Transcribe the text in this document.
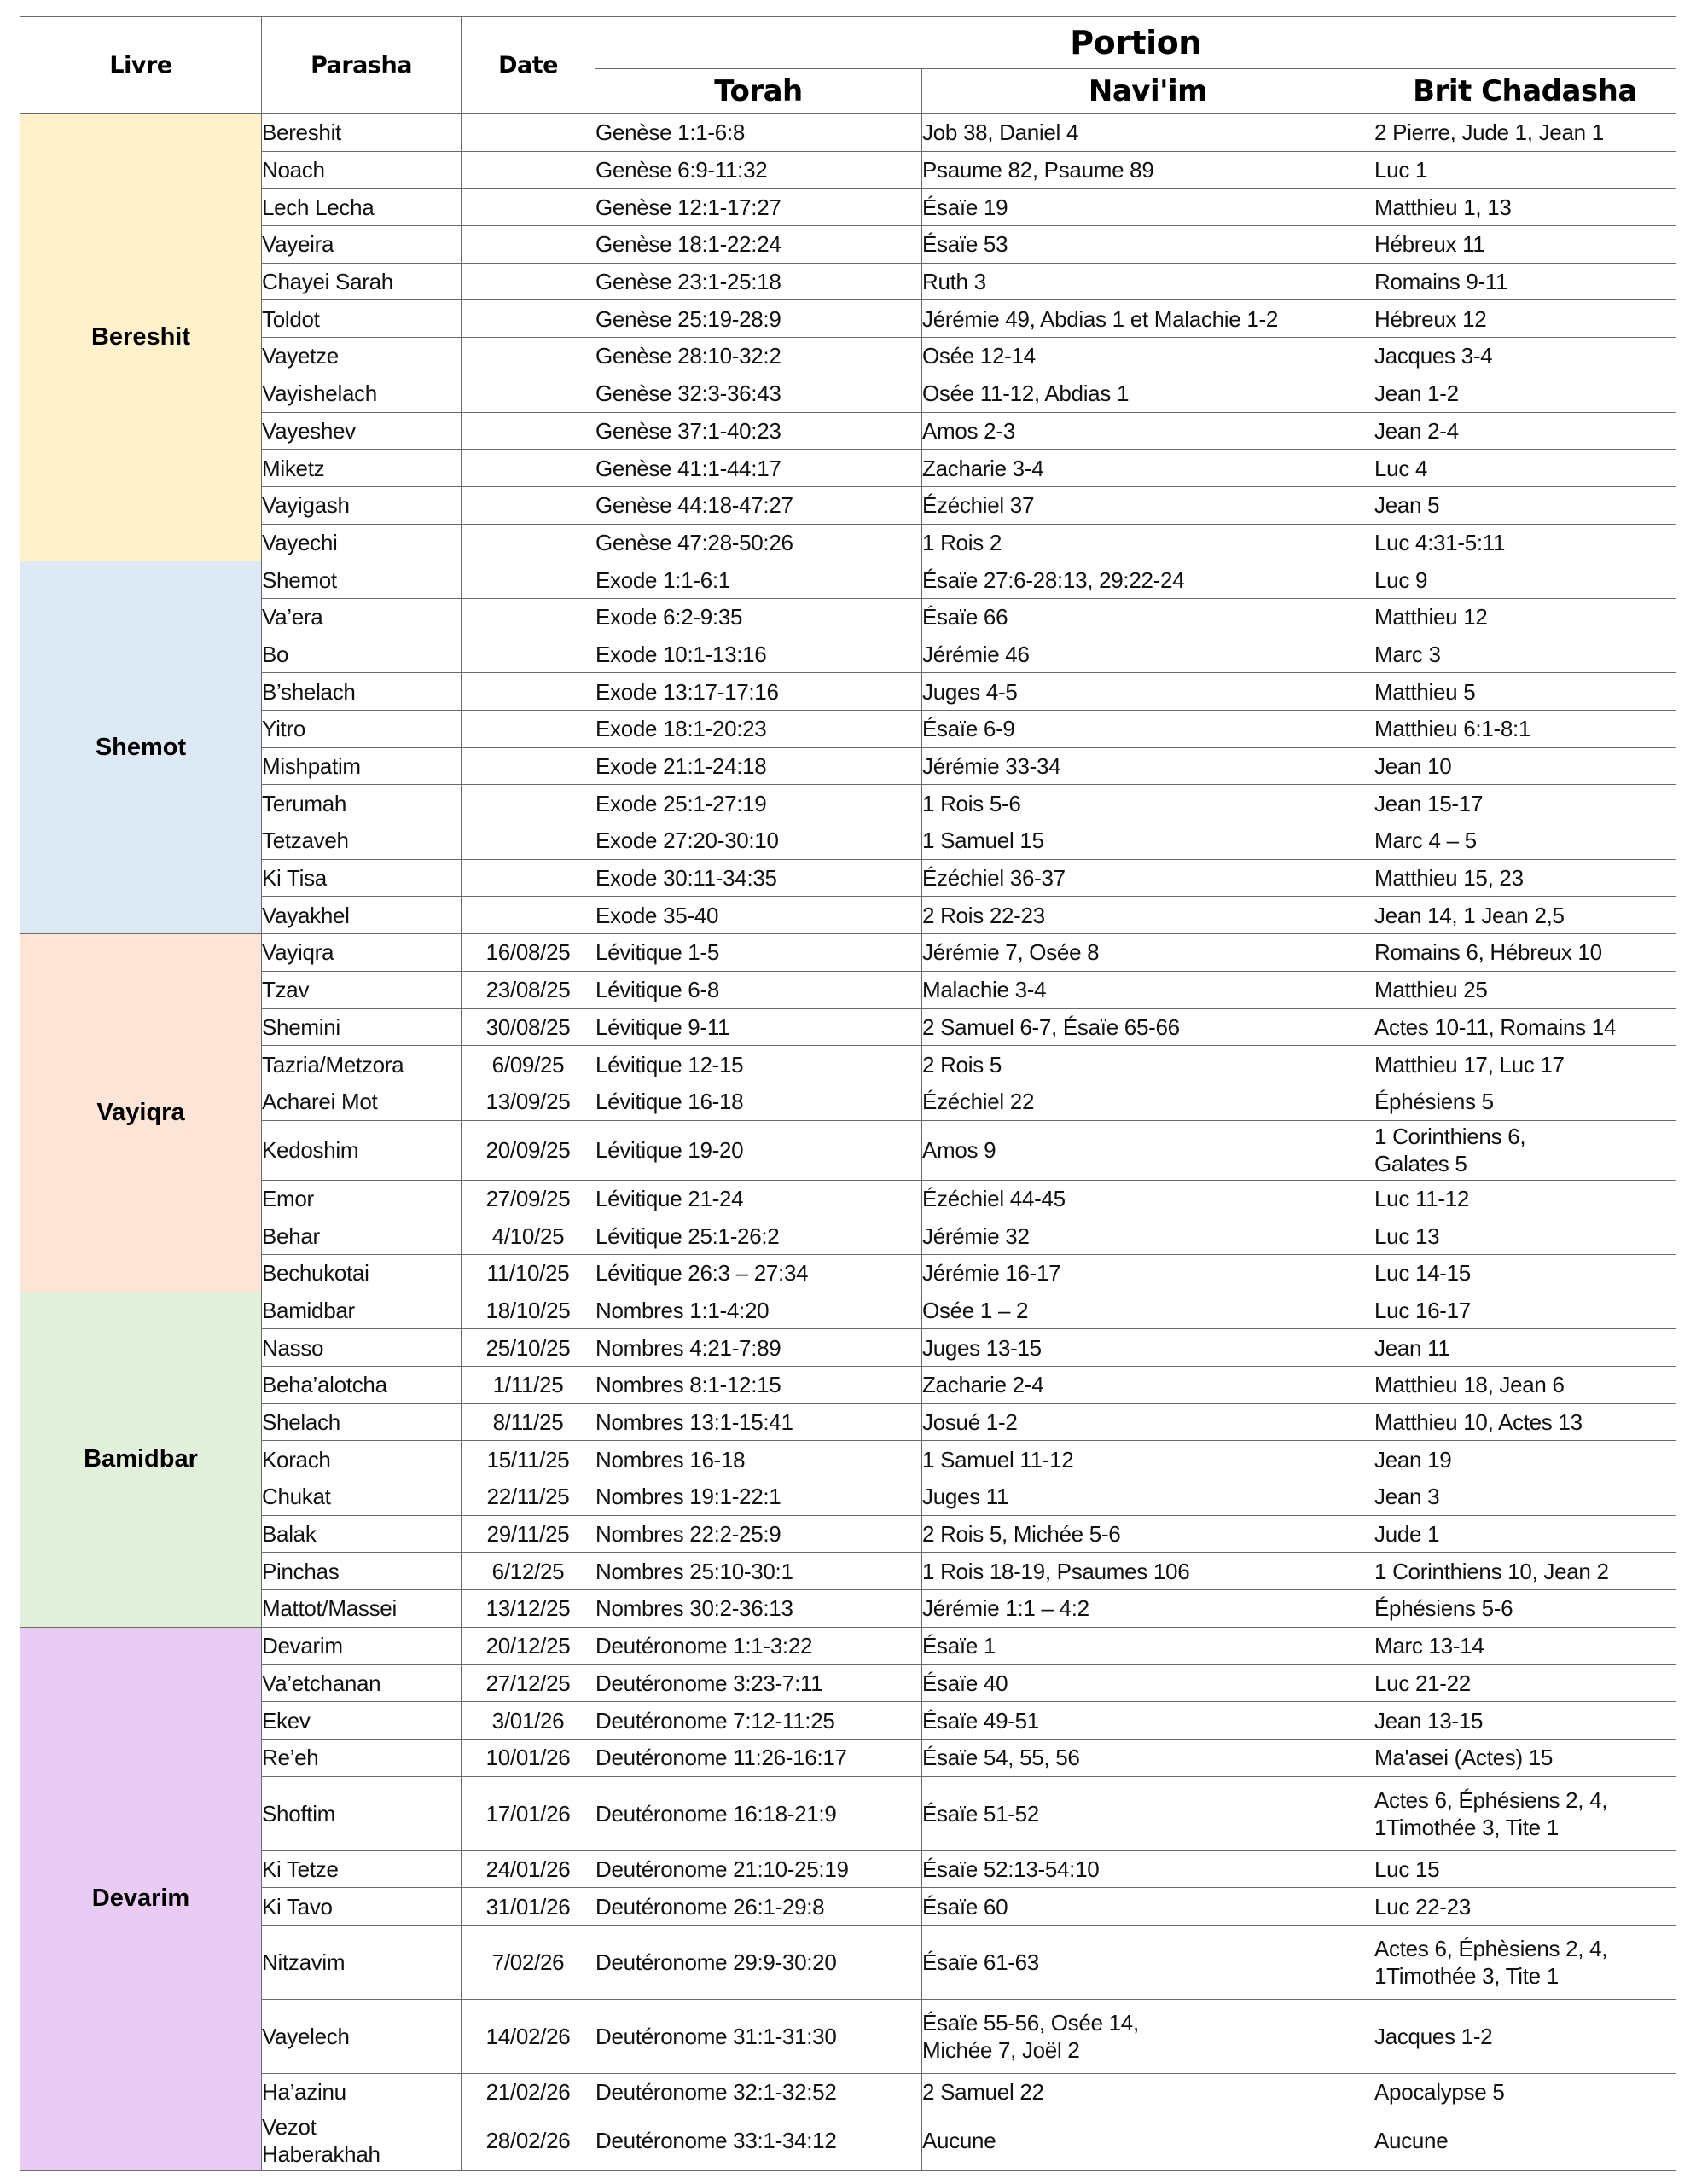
Livre	Parasha	Date	Portion		
			Torah	Navi'im	Brit Chadasha
Bereshit	Bereshit		Genèse 1:1-6:8	Job 38, Daniel 4	2 Pierre, Jude 1, Jean 1
	Noach		Genèse 6:9-11:32	Psaume 82, Psaume 89	Luc 1
	Lech Lecha		Genèse 12:1-17:27	Ésaïe 19	Matthieu 1, 13
	Vayeira		Genèse 18:1-22:24	Ésaïe 53	Hébreux 11
	Chayei Sarah		Genèse 23:1-25:18	Ruth 3	Romains 9-11
	Toldot		Genèse 25:19-28:9	Jérémie 49, Abdias 1 et Malachie 1-2	Hébreux 12
	Vayetze		Genèse 28:10-32:2	Osée 12-14	Jacques 3-4
	Vayishelach		Genèse 32:3-36:43	Osée 11-12, Abdias 1	Jean 1-2
	Vayeshev		Genèse 37:1-40:23	Amos 2-3	Jean 2-4
	Miketz		Genèse 41:1-44:17	Zacharie 3-4	Luc 4
	Vayigash		Genèse 44:18-47:27	Ézéchiel 37	Jean 5
	Vayechi		Genèse 47:28-50:26	1 Rois 2	Luc 4:31-5:11
Shemot	Shemot		Exode 1:1-6:1	Ésaïe 27:6-28:13, 29:22-24	Luc 9
	Va’era		Exode 6:2-9:35	Ésaïe 66	Matthieu 12
	Bo		Exode 10:1-13:16	Jérémie 46	Marc 3
	B’shelach		Exode 13:17-17:16	Juges 4-5	Matthieu 5
	Yitro		Exode 18:1-20:23	Ésaïe 6-9	Matthieu 6:1-8:1
	Mishpatim		Exode 21:1-24:18	Jérémie 33-34	Jean 10
	Terumah		Exode 25:1-27:19	1 Rois 5-6	Jean 15-17
	Tetzaveh		Exode 27:20-30:10	1 Samuel 15	Marc 4 – 5
	Ki Tisa		Exode 30:11-34:35	Ézéchiel 36-37	Matthieu 15, 23
	Vayakhel		Exode 35-40	2 Rois 22-23	Jean 14, 1 Jean 2,5
Vayiqra	Vayiqra	16/08/25	Lévitique 1-5	Jérémie 7, Osée 8	Romains 6, Hébreux 10
	Tzav	23/08/25	Lévitique 6-8	Malachie 3-4	Matthieu 25
	Shemini	30/08/25	Lévitique 9-11	2 Samuel 6-7, Ésaïe 65-66	Actes 10-11, Romains 14
	Tazria/Metzora	6/09/25	Lévitique 12-15	2 Rois 5	Matthieu 17, Luc 17
	Acharei Mot	13/09/25	Lévitique 16-18	Ézéchiel 22	Éphésiens 5
	Kedoshim	20/09/25	Lévitique 19-20	Amos 9	1 Corinthiens 6,
Galates 5
	Emor	27/09/25	Lévitique 21-24	Ézéchiel 44-45	Luc 11-12
	Behar	4/10/25	Lévitique 25:1-26:2	Jérémie 32	Luc 13
	Bechukotai	11/10/25	Lévitique 26:3 – 27:34	Jérémie 16-17	Luc 14-15
Bamidbar	Bamidbar	18/10/25	Nombres 1:1-4:20	Osée 1 – 2	Luc 16-17
	Nasso	25/10/25	Nombres 4:21-7:89	Juges 13-15	Jean 11
	Beha’alotcha	1/11/25	Nombres 8:1-12:15	Zacharie 2-4	Matthieu 18, Jean 6
	Shelach	8/11/25	Nombres 13:1-15:41	Josué 1-2	Matthieu 10, Actes 13
	Korach	15/11/25	Nombres 16-18	1 Samuel 11-12	Jean 19
	Chukat	22/11/25	Nombres 19:1-22:1	Juges 11	Jean 3
	Balak	29/11/25	Nombres 22:2-25:9	2 Rois 5, Michée 5-6	Jude 1
	Pinchas	6/12/25	Nombres 25:10-30:1	1 Rois 18-19, Psaumes 106	1 Corinthiens 10, Jean 2
	Mattot/Massei	13/12/25	Nombres 30:2-36:13	Jérémie 1:1 – 4:2	Éphésiens 5-6
Devarim	Devarim	20/12/25	Deutéronome 1:1-3:22	Ésaïe 1	Marc 13-14
	Va’etchanan	27/12/25	Deutéronome 3:23-7:11	Ésaïe 40	Luc 21-22
	Ekev	3/01/26	Deutéronome 7:12-11:25	Ésaïe 49-51	Jean 13-15
	Re’eh	10/01/26	Deutéronome 11:26-16:17	Ésaïe 54, 55, 56	Ma'asei (Actes) 15
	Shoftim	17/01/26	Deutéronome 16:18-21:9	Ésaïe 51-52	Actes 6, Éphésiens 2, 4,
1Timothée 3, Tite 1
	Ki Tetze	24/01/26	Deutéronome 21:10-25:19	Ésaïe 52:13-54:10	Luc 15
	Ki Tavo	31/01/26	Deutéronome 26:1-29:8	Ésaïe 60	Luc 22-23
	Nitzavim	7/02/26	Deutéronome 29:9-30:20	Ésaïe 61-63	Actes 6, Éphèsiens 2, 4,
1Timothée 3, Tite 1
	Vayelech	14/02/26	Deutéronome 31:1-31:30	Ésaïe 55-56, Osée 14,
Michée 7, Joël 2	Jacques 1-2
	Ha’azinu	21/02/26	Deutéronome 32:1-32:52	2 Samuel 22	Apocalypse 5
	Vezot
Haberakhah	28/02/26	Deutéronome 33:1-34:12	Aucune	Aucune
